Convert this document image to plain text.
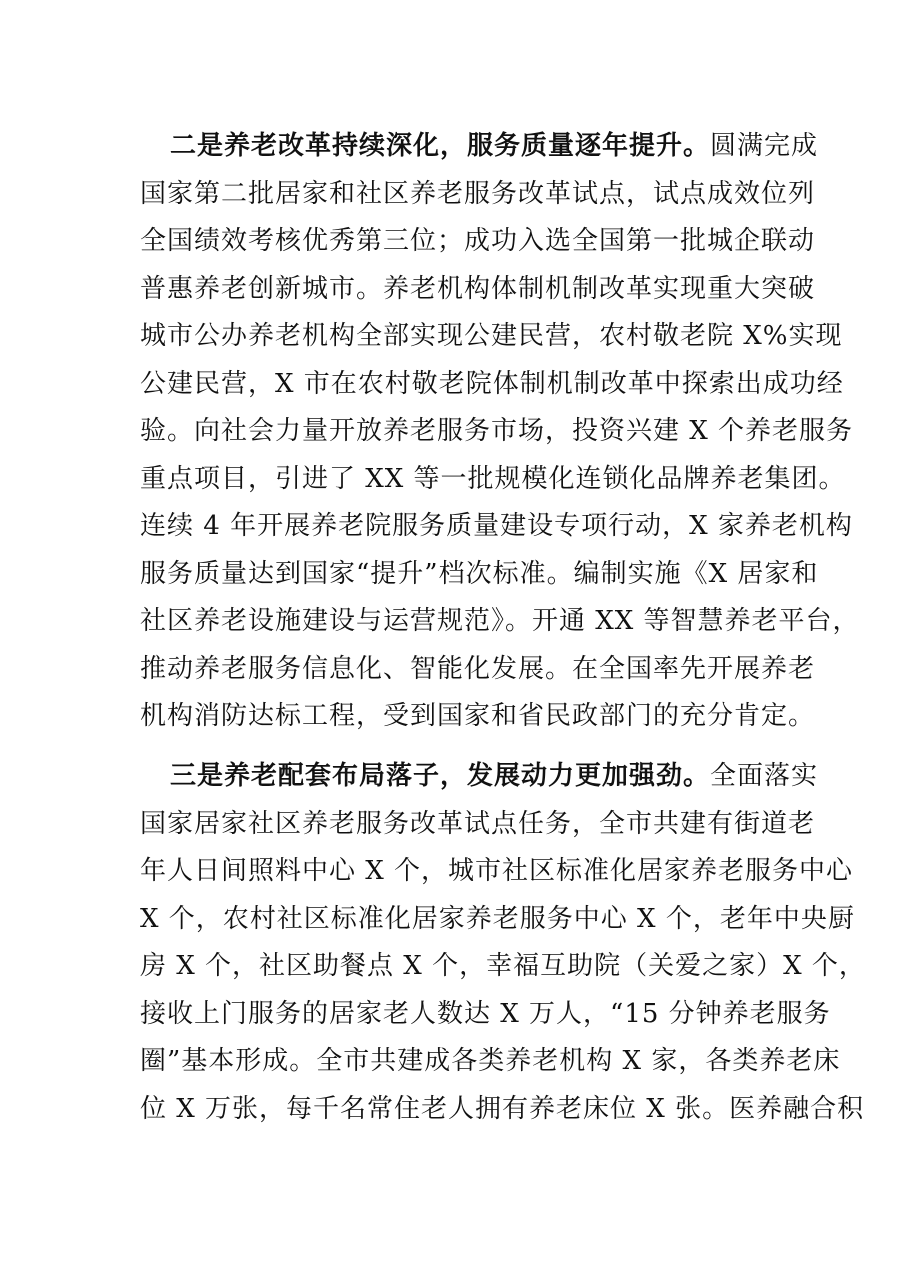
二是养老改革持续深化，服务质量逐年提升。圆满完成
国家第二批居家和社区养老服务改革试点，试点成效位列
全国绩效考核优秀第三位；成功入选全国第一批城企联动
普惠养老创新城市。养老机构体制机制改革实现重大突破
城市公办养老机构全部实现公建民营，农村敬老院 X%实现
公建民营，X 市在农村敬老院体制机制改革中探索出成功经
验。向社会力量开放养老服务市场，投资兴建 X 个养老服务
重点项目，引进了 XX 等一批规模化连锁化品牌养老集团。
连续 4 年开展养老院服务质量建设专项行动，X 家养老机构
服务质量达到国家“提升”档次标准。编制实施《X 居家和
社区养老设施建设与运营规范》。开通 XX 等智慧养老平台，
推动养老服务信息化、智能化发展。在全国率先开展养老
机构消防达标工程，受到国家和省民政部门的充分肯定。
三是养老配套布局落子，发展动力更加强劲。全面落实
国家居家社区养老服务改革试点任务，全市共建有街道老
年人日间照料中心 X 个，城市社区标准化居家养老服务中心
X 个，农村社区标准化居家养老服务中心 X 个，老年中央厨
房 X 个，社区助餐点 X 个，幸福互助院（关爱之家）X 个，
接收上门服务的居家老人数达 X 万人，“15 分钟养老服务
圈”基本形成。全市共建成各类养老机构 X 家，各类养老床
位 X 万张，每千名常住老人拥有养老床位 X 张。医养融合积
